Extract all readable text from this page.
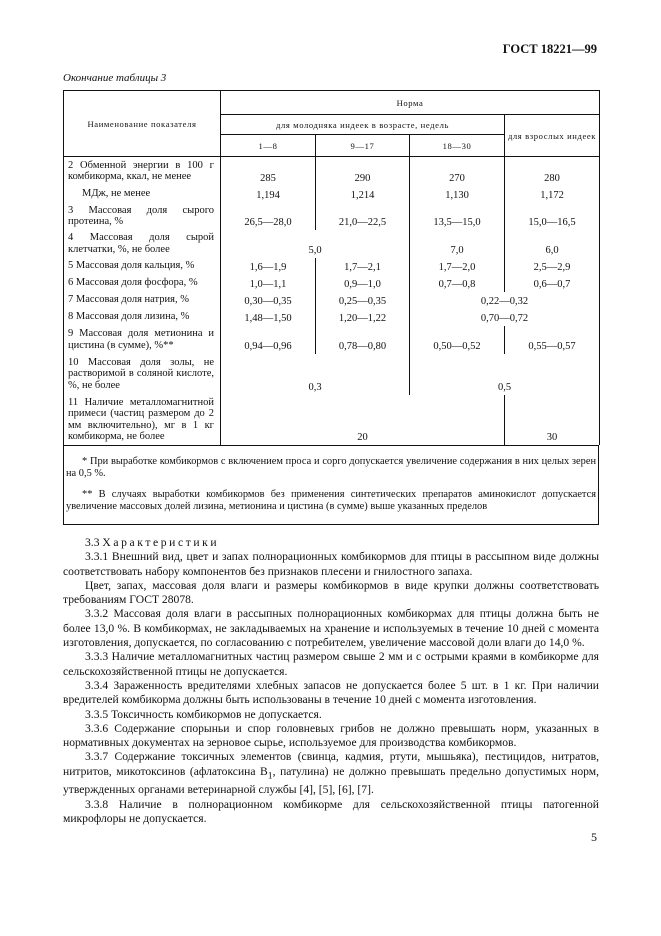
ГОСТ 18221—99
Окончание таблицы 3
Наименование показателя	Норма			
	для молодняка индеек в возрасте, недель			для взрослых индеек
	1—8	9—17	18—30	
2 Обменной энергии в 100 г комбикорма, ккал, не менее	285	290	270	280
МДж, не менее	1,194	1,214	1,130	1,172
3 Массовая доля сырого протеина, %	26,5—28,0	21,0—22,5	13,5—15,0	15,0—16,5
4 Массовая доля сырой клетчатки, %, не более	5,0		7,0	6,0
5 Массовая доля кальция, %	1,6—1,9	1,7—2,1	1,7—2,0	2,5—2,9
6 Массовая доля фосфора, %	1,0—1,1	0,9—1,0	0,7—0,8	0,6—0,7
7 Массовая доля натрия, %	0,30—0,35	0,25—0,35	0,22—0,32	
8 Массовая доля лизина, %	1,48—1,50	1,20—1,22	0,70—0,72	
9 Массовая доля метионина и цистина (в сумме), %**	0,94—0,96	0,78—0,80	0,50—0,52	0,55—0,57
10 Массовая доля золы, не растворимой в соляной кислоте, %, не более	0,3		0,5	
11 Наличие металломагнитной примеси (частиц размером до 2 мм включительно), мг в 1 кг комбикорма, не более	20			30

* При выработке комбикормов с включением проса и сорго допускается увеличение содержания в них целых зерен на 0,5 %.

** В случаях выработки комбикормов без применения синтетических препаратов аминокислот допускается увеличение массовых долей лизина, метионина и цистина (в сумме) выше указанных пределов

3.3 Характеристики

3.3.1 Внешний вид, цвет и запах полнорационных комбикормов для птицы в рассыпном виде должны соответствовать набору компонентов без признаков плесени и гнилостного запаха.

Цвет, запах, массовая доля влаги и размеры комбикормов в виде крупки должны соответствовать требованиям ГОСТ 28078.

3.3.2 Массовая доля влаги в рассыпных полнорационных комбикормах для птицы должна быть не более 13,0 %. В комбикормах, не закладываемых на хранение и используемых в течение 10 дней с момента изготовления, допускается, по согласованию с потребителем, увеличение массовой доли влаги до 14,0 %.

3.3.3 Наличие металломагнитных частиц размером свыше 2 мм и с острыми краями в комбикорме для сельскохозяйственной птицы не допускается.

3.3.4 Зараженность вредителями хлебных запасов не допускается более 5 шт. в 1 кг. При наличии вредителей комбикорма должны быть использованы в течение 10 дней с момента изготовления.

3.3.5 Токсичность комбикормов не допускается.

3.3.6 Содержание спорыньи и спор головневых грибов не должно превышать норм, указанных в нормативных документах на зерновое сырье, используемое для производства комбикормов.

3.3.7 Содержание токсичных элементов (свинца, кадмия, ртути, мышьяка), пестицидов, нитратов, нитритов, микотоксинов (афлатоксина $B_1$, патулина) не должно превышать предельно допустимых норм, утвержденных органами ветеринарной службы [4], [5], [6], [7].

3.3.8 Наличие в полнорационном комбикорме для сельскохозяйственной птицы патогенной микрофлоры не допускается.

5
